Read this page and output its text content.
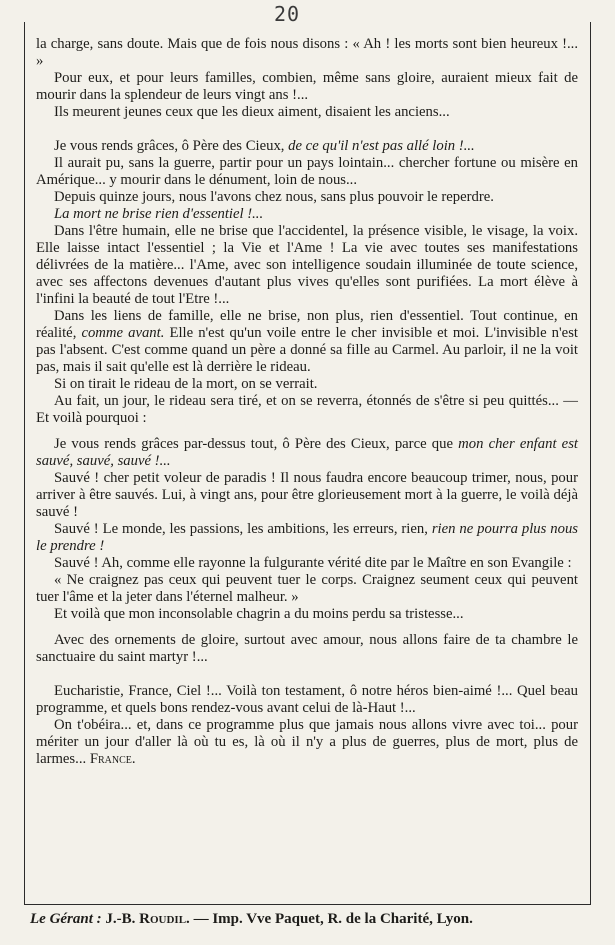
20

la charge, sans doute. Mais que de fois nous disons : « Ah ! les morts sont bien heureux !... »

Pour eux, et pour leurs familles, combien, même sans gloire, auraient mieux fait de mourir dans la splendeur de leurs vingt ans !...

Ils meurent jeunes ceux que les dieux aiment, disaient les anciens...

Je vous rends grâces, ô Père des Cieux, de ce qu'il n'est pas allé loin !...

Il aurait pu, sans la guerre, partir pour un pays lointain... chercher fortune ou misère en Amérique... y mourir dans le dénument, loin de nous...

Depuis quinze jours, nous l'avons chez nous, sans plus pouvoir le reperdre.

La mort ne brise rien d'essentiel !...

Dans l'être humain, elle ne brise que l'accidentel, la présence visible, le visage, la voix. Elle laisse intact l'essentiel ; la Vie et l'Ame ! La vie avec toutes ses manifestations délivrées de la matière... l'Ame, avec son intelligence soudain illuminée de toute science, avec ses affectons devenues d'autant plus vives qu'elles sont purifiées. La mort élève à l'infini la beauté de tout l'Etre !...

Dans les liens de famille, elle ne brise, non plus, rien d'essentiel. Tout continue, en réalité, comme avant. Elle n'est qu'un voile entre le cher invisible et moi. L'invisible n'est pas l'absent. C'est comme quand un père a donné sa fille au Carmel. Au parloir, il ne la voit pas, mais il sait qu'elle est là derrière le rideau.

Si on tirait le rideau de la mort, on se verrait.

Au fait, un jour, le rideau sera tiré, et on se reverra, étonnés de s'être si peu quittés... — Et voilà pourquoi :

Je vous rends grâces par-dessus tout, ô Père des Cieux, parce que mon cher enfant est sauvé, sauvé, sauvé !...

Sauvé ! cher petit voleur de paradis ! Il nous faudra encore beaucoup trimer, nous, pour arriver à être sauvés. Lui, à vingt ans, pour être glorieusement mort à la guerre, le voilà déjà sauvé !

Sauvé ! Le monde, les passions, les ambitions, les erreurs, rien, rien ne pourra plus nous le prendre !

Sauvé ! Ah, comme elle rayonne la fulgurante vérité dite par le Maître en son Evangile :

« Ne craignez pas ceux qui peuvent tuer le corps. Craignez seument ceux qui peuvent tuer l'âme et la jeter dans l'éternel malheur. »

Et voilà que mon inconsolable chagrin a du moins perdu sa tristesse...

Avec des ornements de gloire, surtout avec amour, nous allons faire de ta chambre le sanctuaire du saint martyr !...

Eucharistie, France, Ciel !... Voilà ton testament, ô notre héros bien-aimé !... Quel beau programme, et quels bons rendez-vous avant celui de là-Haut !...

On t'obéira... et, dans ce programme plus que jamais nous allons vivre avec toi... pour mériter un jour d'aller là où tu es, là où il n'y a plus de guerres, plus de mort, plus de larmes... France.

Le Gérant : J.-B. Roudil. — Imp. Vve Paquet, R. de la Charité, Lyon.
